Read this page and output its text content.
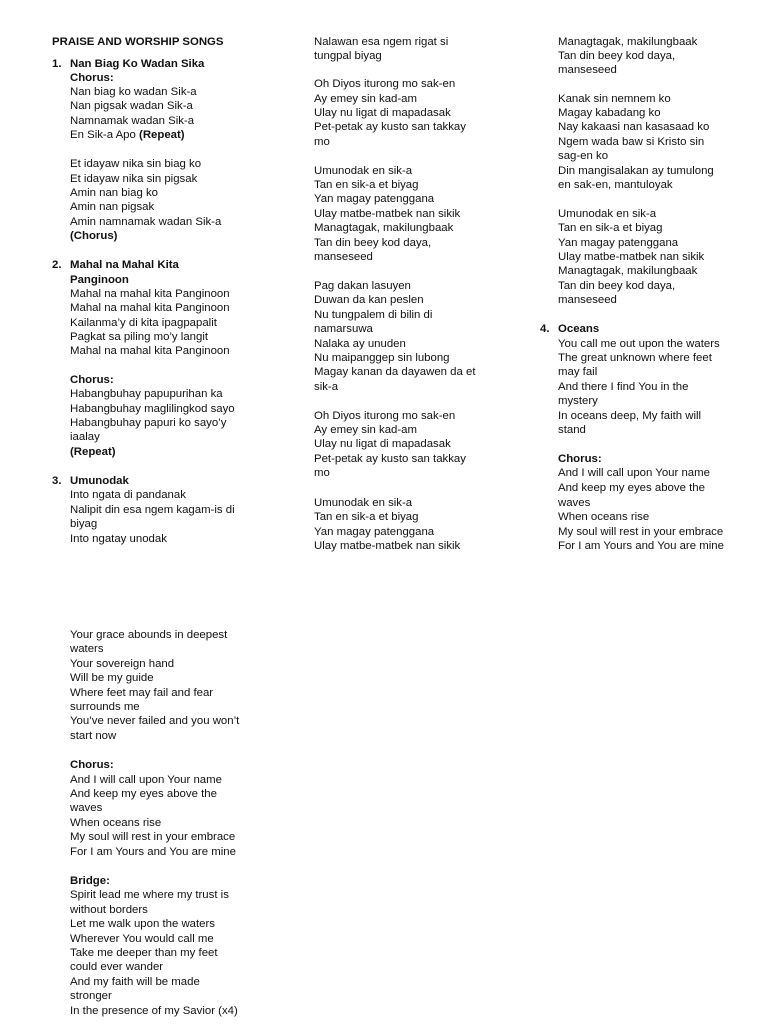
PRAISE AND WORSHIP SONGS
1. Nan Biag Ko Wadan Sika
Chorus:
Nan biag ko wadan Sik-a
Nan pigsak wadan Sik-a
Namnamak wadan Sik-a
En Sik-a Apo (Repeat)
Et idayaw nika sin biag ko
Et idayaw nika sin pigsak
Amin nan biag ko
Amin nan pigsak
Amin namnamak wadan Sik-a
(Chorus)
2. Mahal na Mahal Kita
Panginoon
Mahal na mahal kita Panginoon
Mahal na mahal kita Panginoon
Kailanma’y di kita ipagpapalit
Pagkat sa piling mo’y langit
Mahal na mahal kita Panginoon
Chorus:
Habangbuhay papupurihan ka
Habangbuhay maglilingkod sayo
Habangbuhay papuri ko sayo’y
iaalay
(Repeat)
3. Umunodak
Into ngata di pandanak
Nalipit din esa ngem kagam-is di
biyag
Into ngatay unodak
Nalawan esa ngem rigat si
tungpal biyag
Oh Diyos iturong mo sak-en
Ay emey sin kad-am
Ulay nu ligat di mapadasak
Pet-petak ay kusto san takkay
mo
Umunodak en sik-a
Tan en sik-a et biyag
Yan magay patenggana
Ulay matbe-matbek nan sikik
Managtagak, makilungbaak
Tan din beey kod daya,
manseseed
Pag dakan lasuyen
Duwan da kan peslen
Nu tungpalem di bilin di
namarsuwa
Nalaka ay unuden
Nu maipanggep sin lubong
Magay kanan da dayawen da et
sik-a
Oh Diyos iturong mo sak-en
Ay emey sin kad-am
Ulay nu ligat di mapadasak
Pet-petak ay kusto san takkay
mo
Umunodak en sik-a
Tan en sik-a et biyag
Yan magay patenggana
Ulay matbe-matbek nan sikik
Managtagak, makilungbaak
Tan din beey kod daya,
manseseed
Kanak sin nemnem ko
Magay kabadang ko
Nay kakaasi nan kasasaad ko
Ngem wada baw si Kristo sin
sag-en ko
Din mangisalakan ay tumulong
en sak-en, mantuloyak
Umunodak en sik-a
Tan en sik-a et biyag
Yan magay patenggana
Ulay matbe-matbek nan sikik
Managtagak, makilungbaak
Tan din beey kod daya,
manseseed
4. Oceans
You call me out upon the waters
The great unknown where feet
may fail
And there I find You in the
mystery
In oceans deep, My faith will
stand
Chorus:
And I will call upon Your name
And keep my eyes above the
waves
When oceans rise
My soul will rest in your embrace
For I am Yours and You are mine
Your grace abounds in deepest
waters
Your sovereign hand
Will be my guide
Where feet may fail and fear
surrounds me
You’ve never failed and you won’t
start now
Chorus:
And I will call upon Your name
And keep my eyes above the
waves
When oceans rise
My soul will rest in your embrace
For I am Yours and You are mine
Bridge:
Spirit lead me where my trust is
without borders
Let me walk upon the waters
Wherever You would call me
Take me deeper than my feet
could ever wander
And my faith will be made
stronger
In the presence of my Savior (x4)
